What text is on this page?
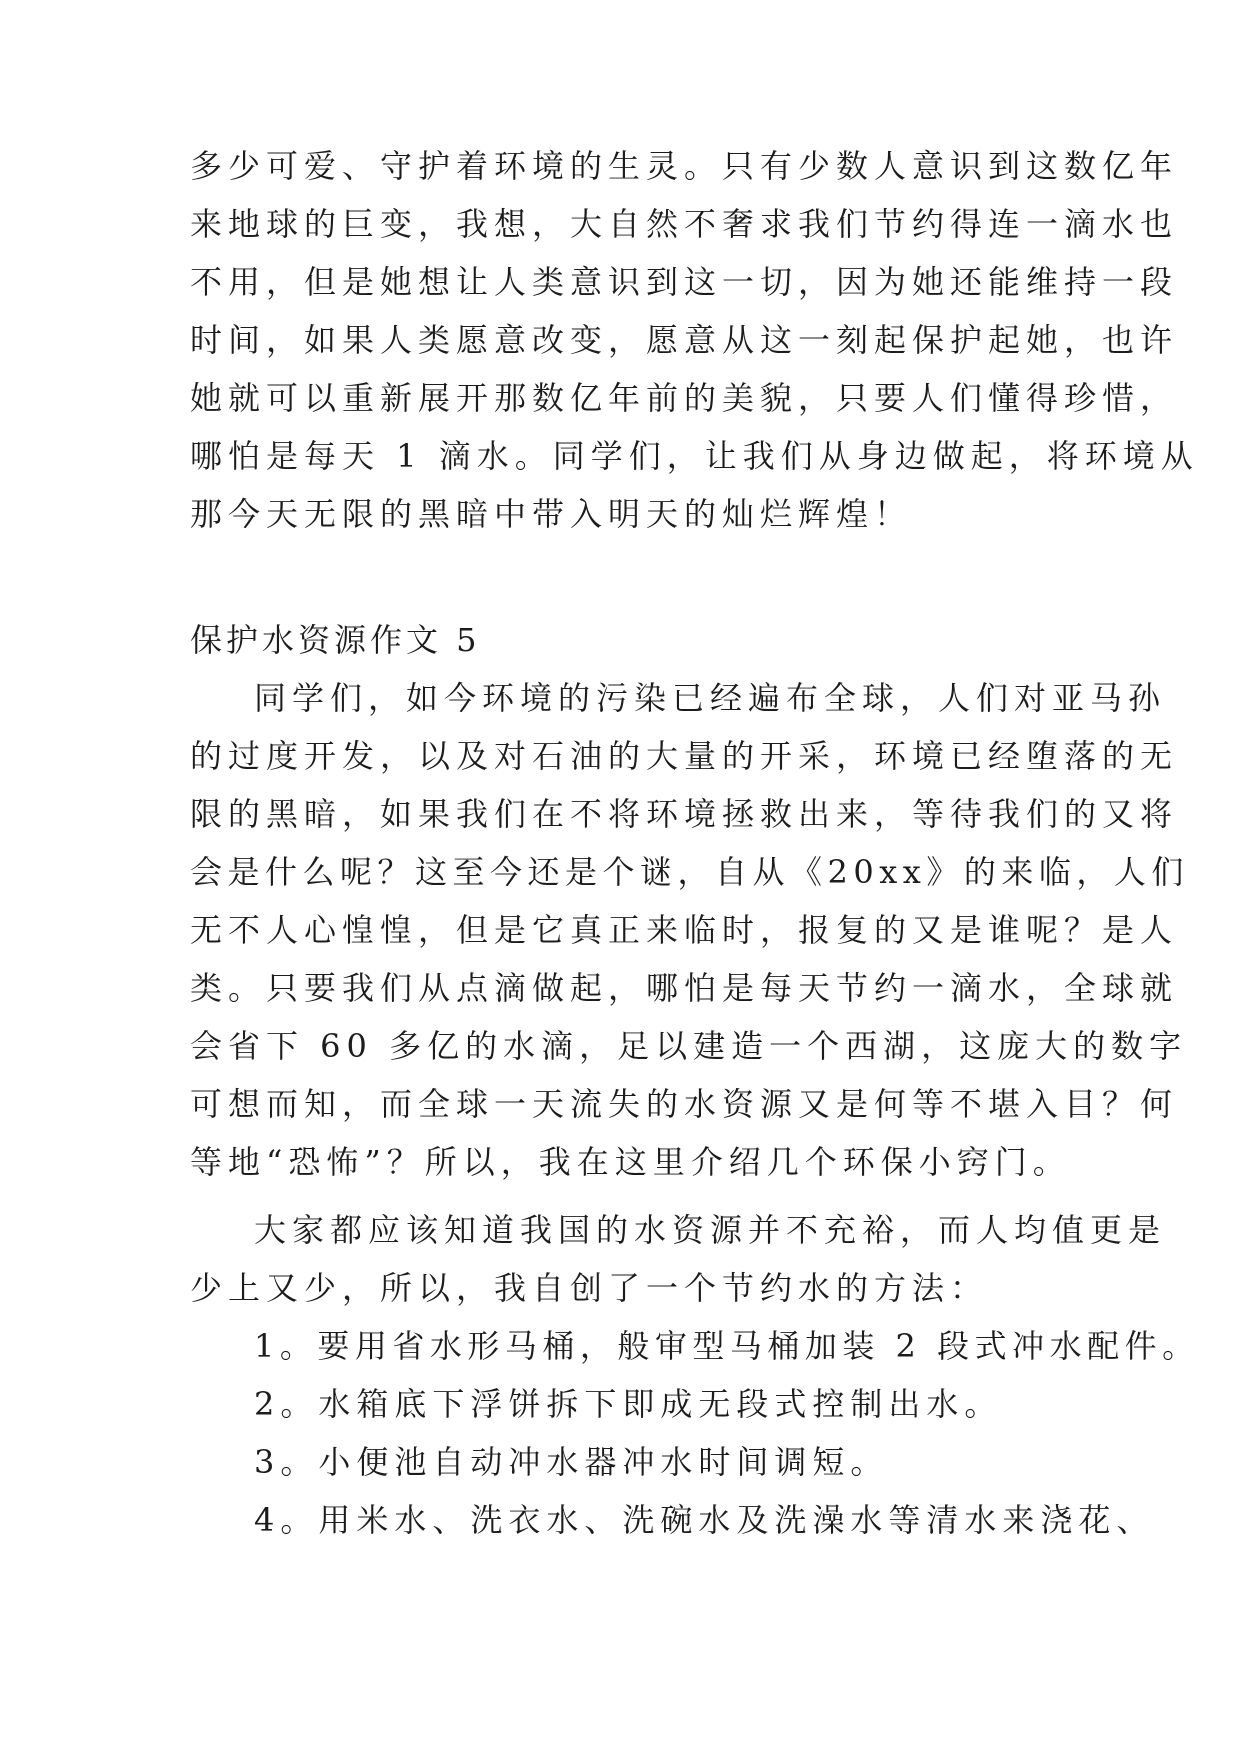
多少可爱、守护着环境的生灵。只有少数人意识到这数亿年
来地球的巨变，我想，大自然不奢求我们节约得连一滴水也
不用，但是她想让人类意识到这一切，因为她还能维持一段
时间，如果人类愿意改变，愿意从这一刻起保护起她，也许
她就可以重新展开那数亿年前的美貌，只要人们懂得珍惜，
哪怕是每天 1 滴水。同学们，让我们从身边做起，将环境从
那今天无限的黑暗中带入明天的灿烂辉煌！
保护水资源作文 5
同学们，如今环境的污染已经遍布全球，人们对亚马孙
的过度开发，以及对石油的大量的开采，环境已经堕落的无
限的黑暗，如果我们在不将环境拯救出来，等待我们的又将
会是什么呢？这至今还是个谜，自从《20xx》的来临，人们
无不人心惶惶，但是它真正来临时，报复的又是谁呢？是人
类。只要我们从点滴做起，哪怕是每天节约一滴水，全球就
会省下 60 多亿的水滴，足以建造一个西湖，这庞大的数字
可想而知，而全球一天流失的水资源又是何等不堪入目？何
等地“恐怖”？所以，我在这里介绍几个环保小窍门。
大家都应该知道我国的水资源并不充裕，而人均值更是
少上又少，所以，我自创了一个节约水的方法：
1。要用省水形马桶，般审型马桶加装 2 段式冲水配件。
2。水箱底下浮饼拆下即成无段式控制出水。
3。小便池自动冲水器冲水时间调短。
4。用米水、洗衣水、洗碗水及洗澡水等清水来浇花、
